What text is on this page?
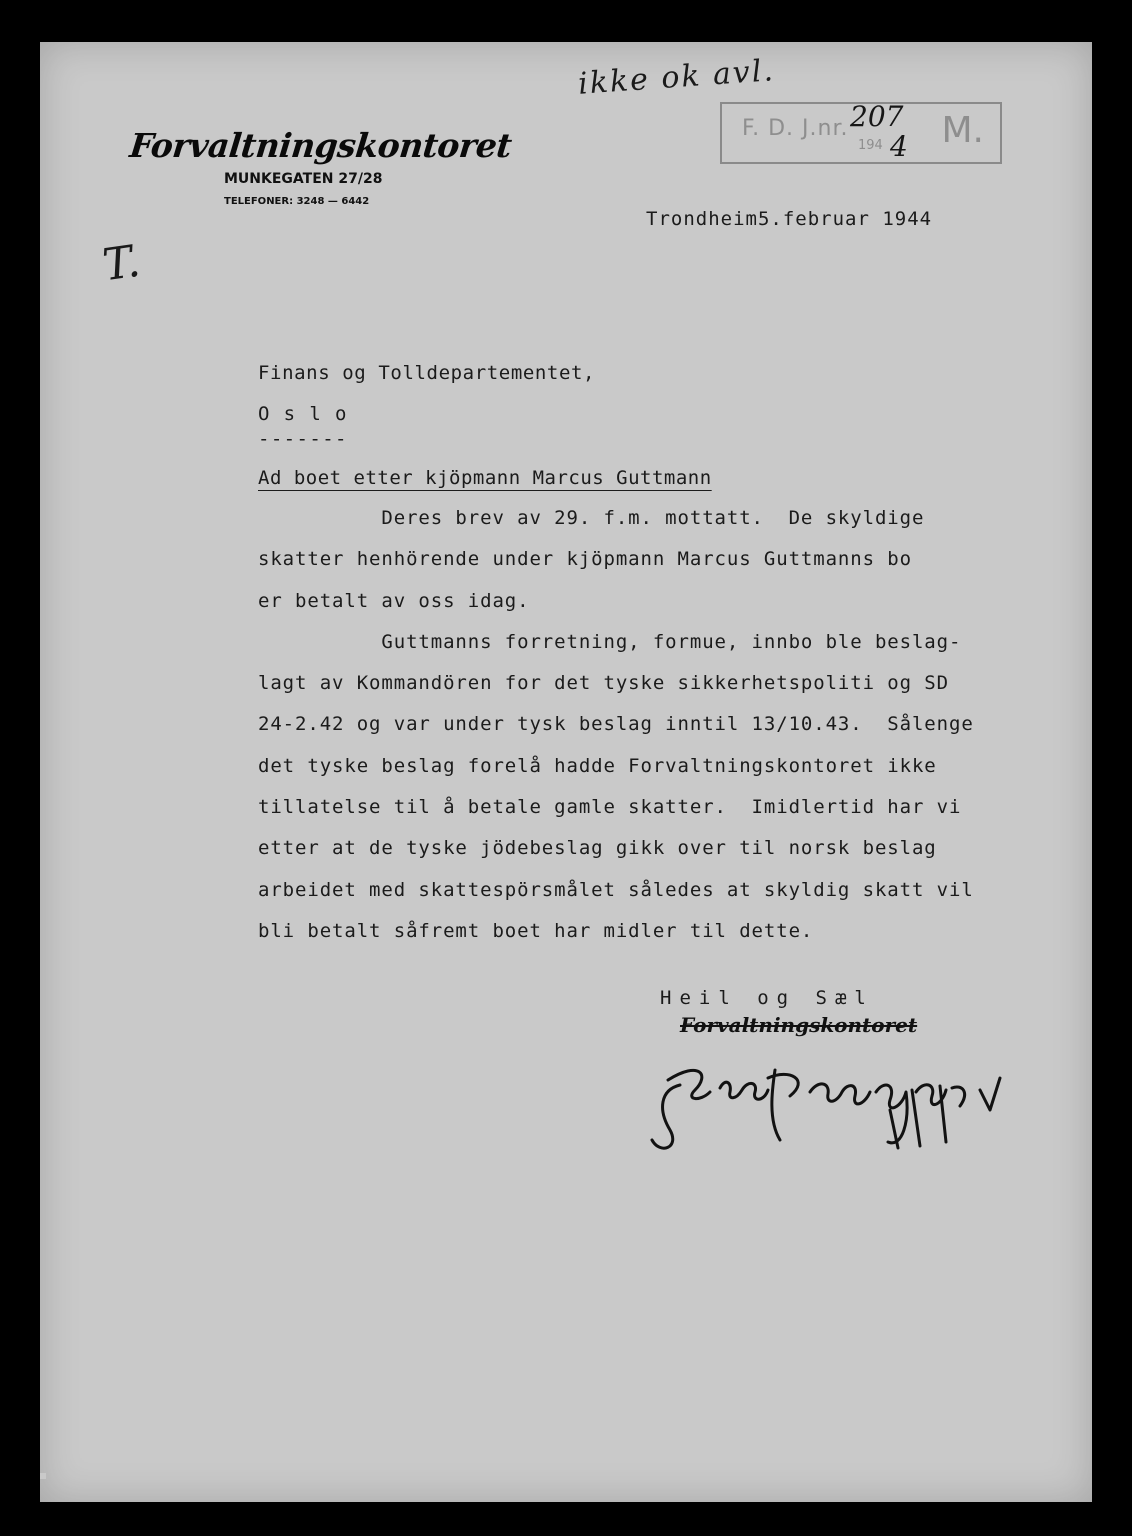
Forvaltningskontoret

MUNKEGATEN 27/28

TELEFONER: 3248 — 6442

ikke ok avl.
T.
F. D. J.nr. 207
194 4 M.

Trondheim5.februar 1944

Finans og Tolldepartementet,

O s l o

-------

Ad boet etter kjöpmann Marcus Guttmann

Deres brev av 29. f.m. mottatt.  De skyldige
skatter henhörende under kjöpmann Marcus Guttmanns bo
er betalt av oss idag.
Guttmanns forretning, formue, innbo ble beslag-
lagt av Kommandören for det tyske sikkerhetspoliti og SD
24-2.42 og var under tysk beslag inntil 13/10.43.  Sålenge
det tyske beslag forelå hadde Forvaltningskontoret ikke
tillatelse til å betale gamle skatter.  Imidlertid har vi
etter at de tyske jödebeslag gikk over til norsk beslag
arbeidet med skattespörsmålet således at skyldig skatt vil
bli betalt såfremt boet har midler til dette.

Heil og Sæl

Forvaltningskontoret
